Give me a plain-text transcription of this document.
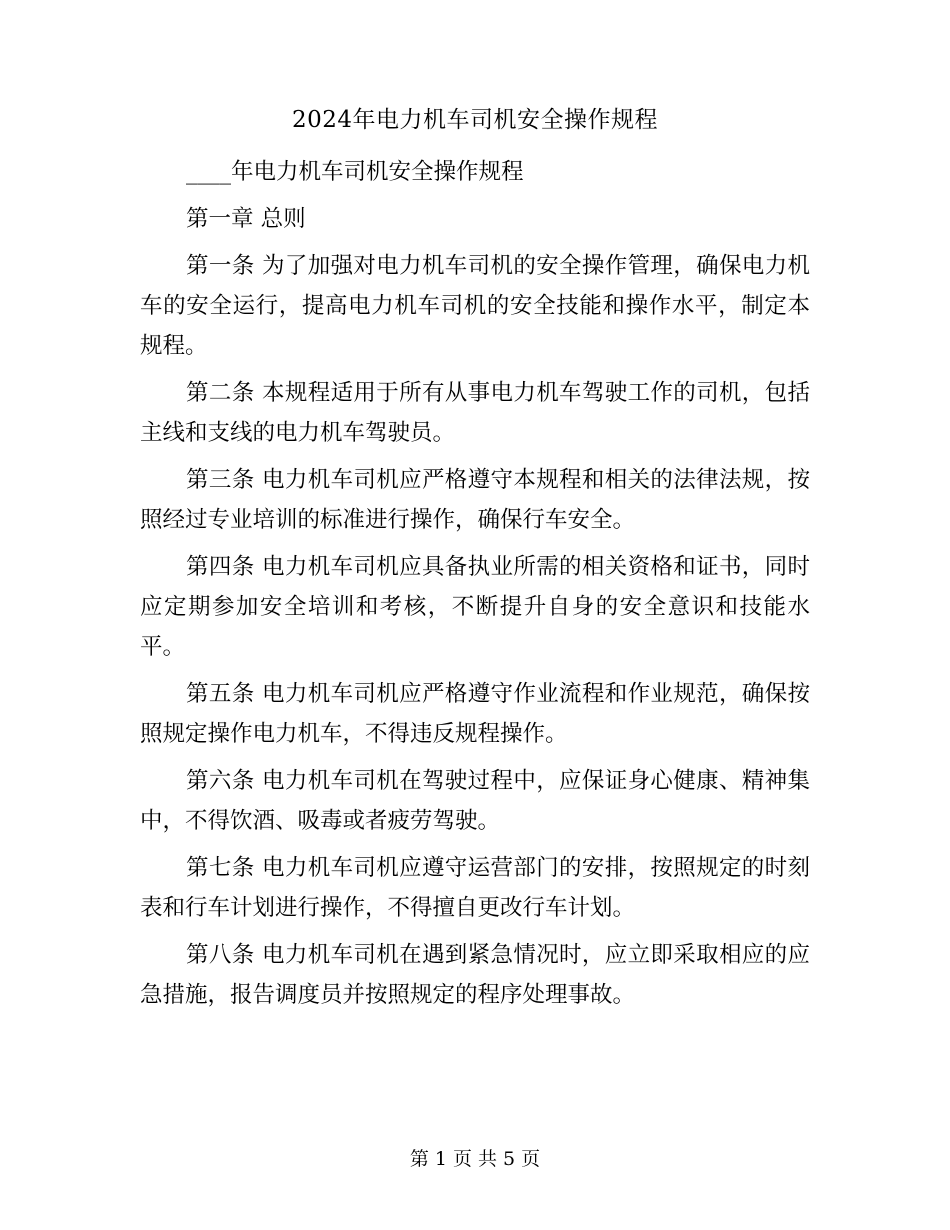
2024年电力机车司机安全操作规程

____年电力机车司机安全操作规程

第一章 总则

第一条 为了加强对电力机车司机的安全操作管理，确保电力机车的安全运行，提高电力机车司机的安全技能和操作水平，制定本规程。

第二条 本规程适用于所有从事电力机车驾驶工作的司机，包括主线和支线的电力机车驾驶员。

第三条 电力机车司机应严格遵守本规程和相关的法律法规，按照经过专业培训的标准进行操作，确保行车安全。

第四条 电力机车司机应具备执业所需的相关资格和证书，同时应定期参加安全培训和考核，不断提升自身的安全意识和技能水平。

第五条 电力机车司机应严格遵守作业流程和作业规范，确保按照规定操作电力机车，不得违反规程操作。

第六条 电力机车司机在驾驶过程中，应保证身心健康、精神集中，不得饮酒、吸毒或者疲劳驾驶。

第七条 电力机车司机应遵守运营部门的安排，按照规定的时刻表和行车计划进行操作，不得擅自更改行车计划。

第八条 电力机车司机在遇到紧急情况时，应立即采取相应的应急措施，报告调度员并按照规定的程序处理事故。

第 1 页 共 5 页
